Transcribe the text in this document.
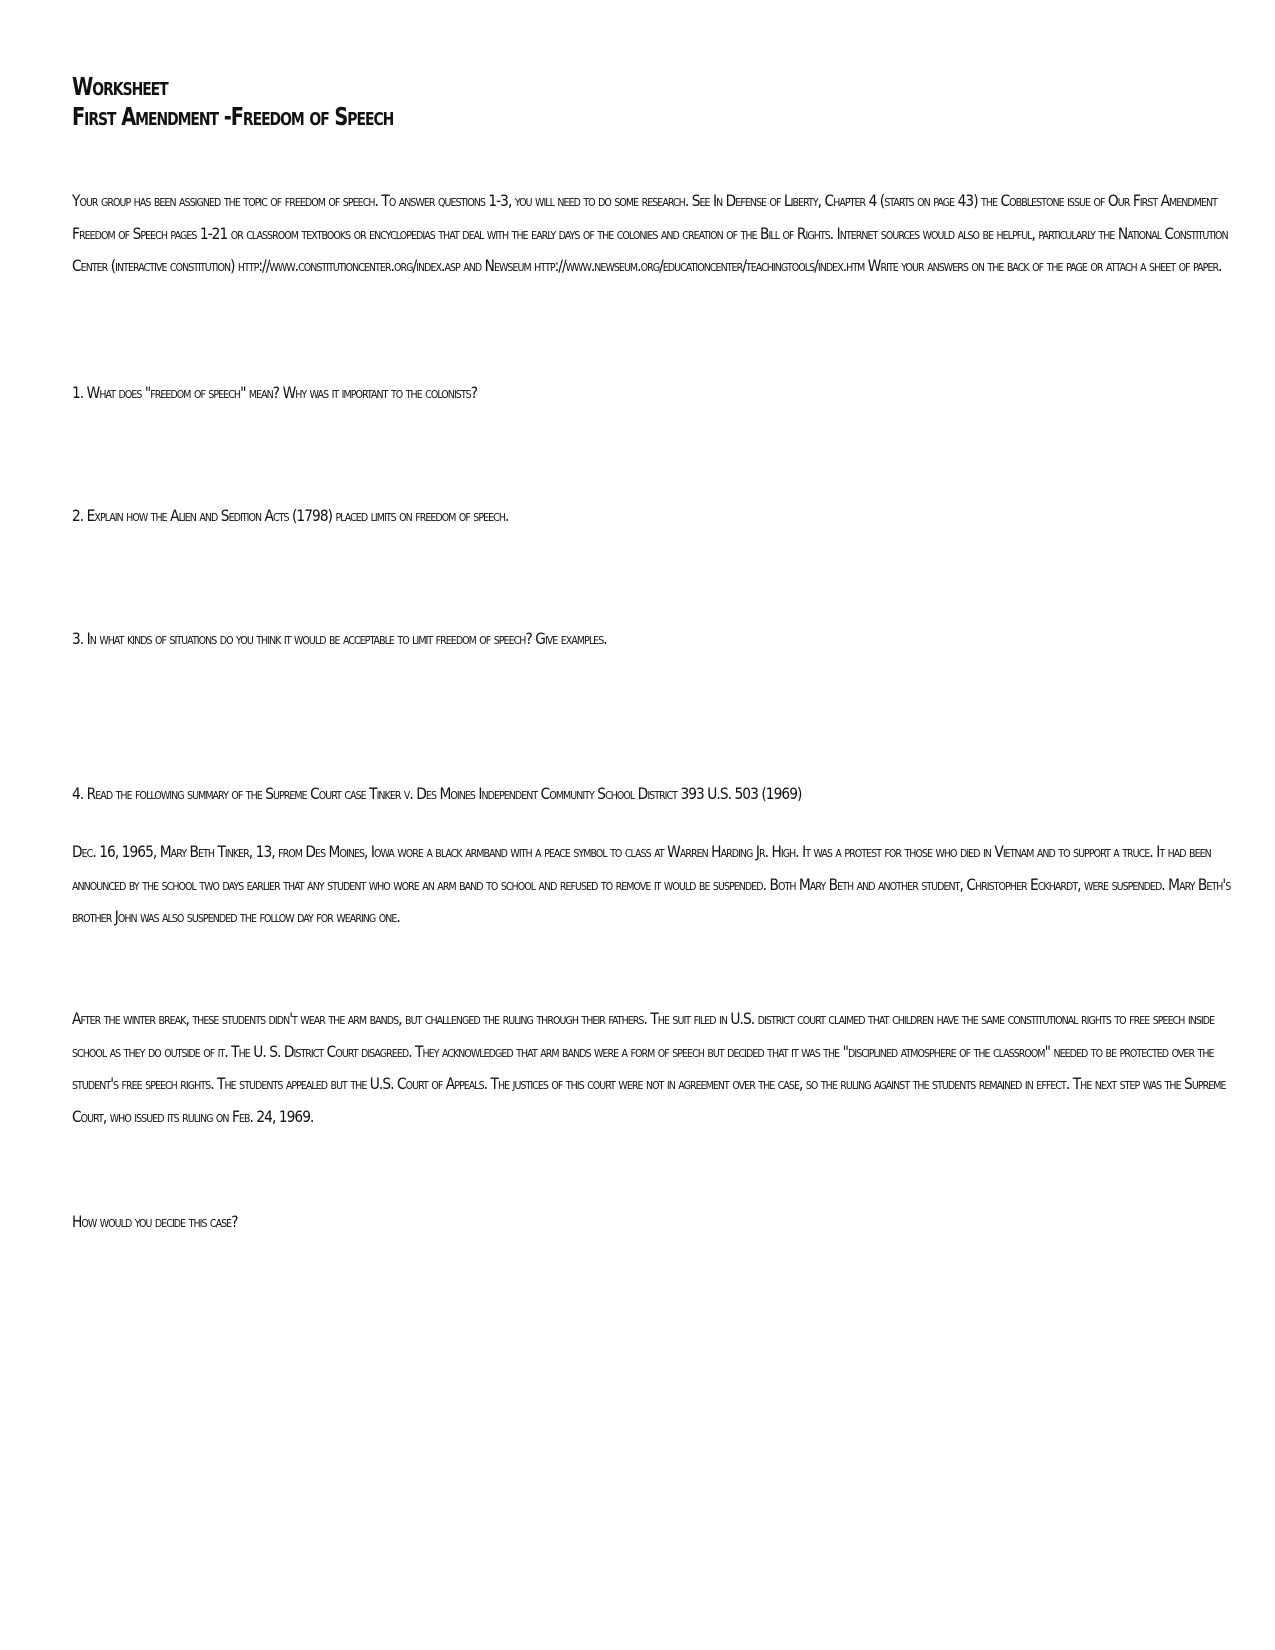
Worksheet
First Amendment -Freedom of Speech

Your group has been assigned the topic of freedom of speech. To answer questions 1-3, you will need to do some research. See In Defense of Liberty, Chapter 4 (starts on page 43) the Cobblestone issue of Our First Amendment Freedom of Speech pages 1-21 or classroom textbooks or encyclopedias that deal with the early days of the colonies and creation of the Bill of Rights. Internet sources would also be helpful, particularly the National Constitution Center (interactive constitution) http://www.constitutioncenter.org/index.asp and Newseum http://www.newseum.org/educationcenter/teachingtools/index.htm Write your answers on the back of the page or attach a sheet of paper.

1. What does "freedom of speech" mean? Why was it important to the colonists?

2. Explain how the Alien and Sedition Acts (1798) placed limits on freedom of speech.

3. In what kinds of situations do you think it would be acceptable to limit freedom of speech? Give examples.

4. Read the following summary of the Supreme Court case Tinker v. Des Moines Independent Community School District 393 U.S. 503 (1969)

Dec. 16, 1965, Mary Beth Tinker, 13, from Des Moines, Iowa wore a black armband with a peace symbol to class at Warren Harding Jr. High. It was a protest for those who died in Vietnam and to support a truce. It had been announced by the school two days earlier that any student who wore an arm band to school and refused to remove it would be suspended. Both Mary Beth and another student, Christopher Eckhardt, were suspended. Mary Beth's brother John was also suspended the follow day for wearing one.

After the winter break, these students didn't wear the arm bands, but challenged the ruling through their fathers. The suit filed in U.S. district court claimed that children have the same constitutional rights to free speech inside school as they do outside of it. The U. S. District Court disagreed. They acknowledged that arm bands were a form of speech but decided that it was the "disciplined atmosphere of the classroom" needed to be protected over the student's free speech rights. The students appealed but the U.S. Court of Appeals. The justices of this court were not in agreement over the case, so the ruling against the students remained in effect. The next step was the Supreme Court, who issued its ruling on Feb. 24, 1969.

How would you decide this case?
